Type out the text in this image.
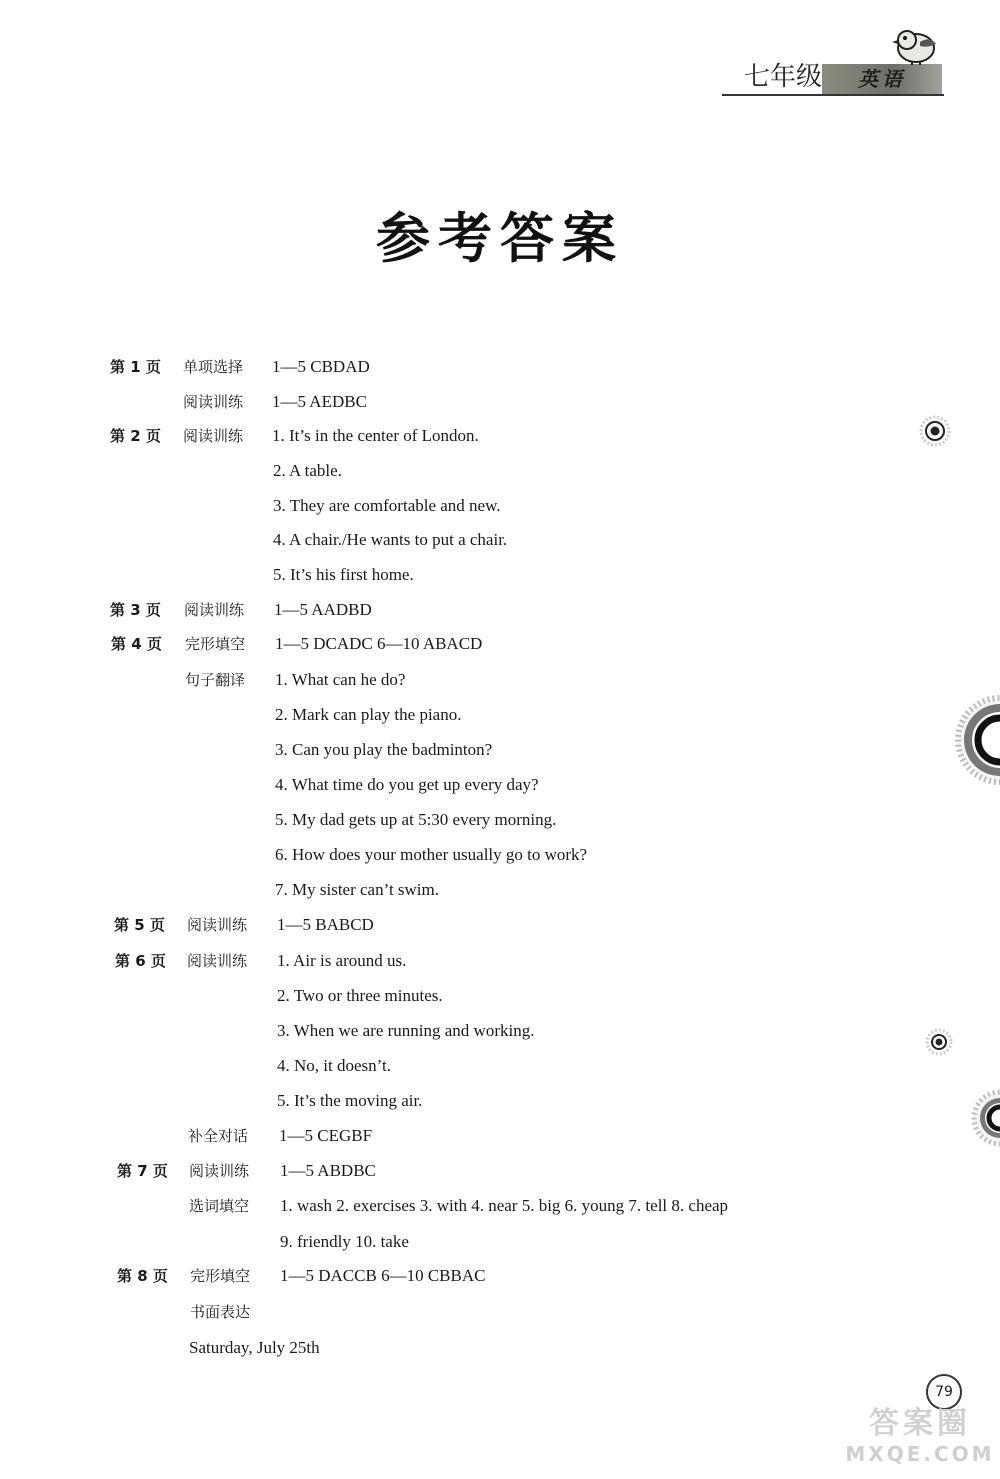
七年级	英语
参考答案
第 1 页 单项选择 1—5 CBDAD
阅读训练 1—5 AEDBC
第 2 页 阅读训练 1. It’s in the center of London.
2. A table.
3. They are comfortable and new.
4. A chair./He wants to put a chair.
5. It’s his first home.
第 3 页 阅读训练 1—5 AADBD
第 4 页 完形填空 1—5 DCADC 6—10 ABACD
句子翻译 1. What can he do?
2. Mark can play the piano.
3. Can you play the badminton?
4. What time do you get up every day?
5. My dad gets up at 5:30 every morning.
6. How does your mother usually go to work?
7. My sister can’t swim.
第 5 页 阅读训练 1—5 BABCD
第 6 页 阅读训练 1. Air is around us.
2. Two or three minutes.
3. When we are running and working.
4. No, it doesn’t.
5. It’s the moving air.
补全对话 1—5 CEGBF
第 7 页 阅读训练 1—5 ABDBC
选词填空 1. wash 2. exercises 3. with 4. near 5. big 6. young 7. tell 8. cheap
9. friendly 10. take
第 8 页 完形填空 1—5 DACCB 6—10 CBBAC
书面表达
Saturday, July 25th
79
答案圈
MXQE.COM
